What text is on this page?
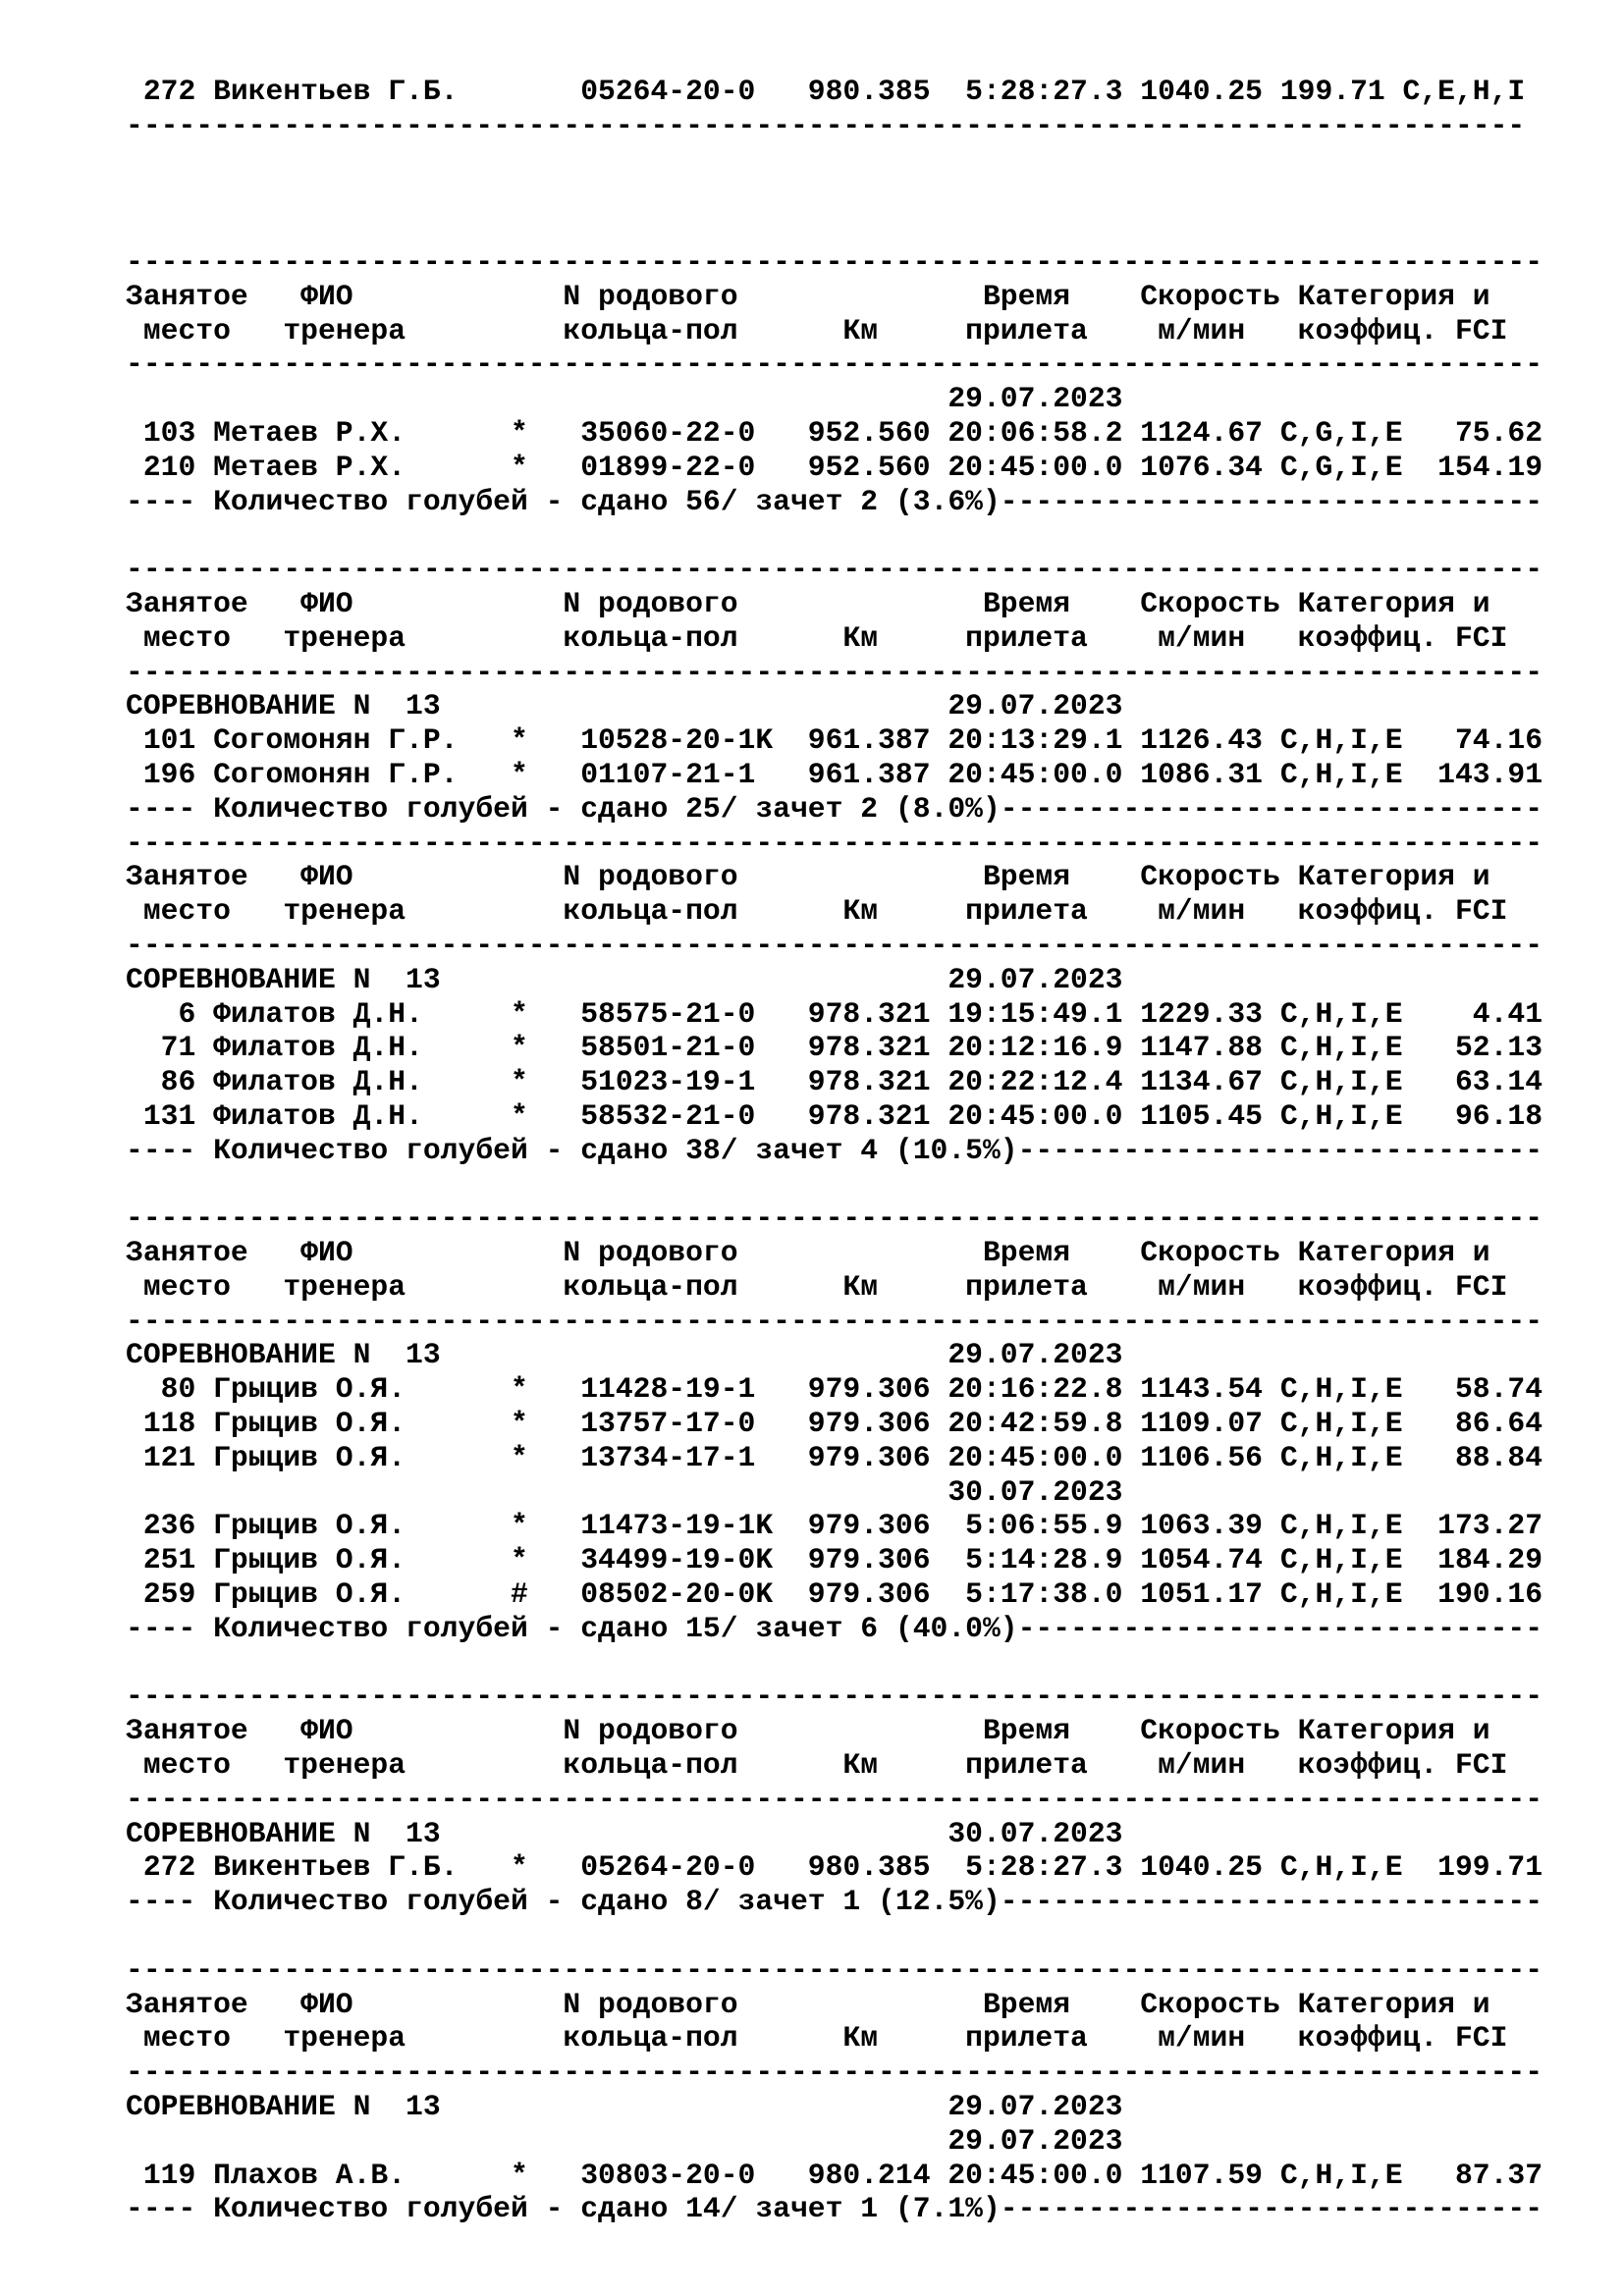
272 Викентьев Г.Б.       05264-20-0   980.385  5:28:27.3 1040.25 199.71 C,E,H,I
--------------------------------------------------------------------------------
---------------------------------------------------------------------------------
Занятое   ФИО            N родового              Время    Скорость Категория и
место   тренера         кольца-пол      Км     прилета    м/мин   коэффиц. FCI
---------------------------------------------------------------------------------
29.07.2023
103 Метаев Р.Х.      *   35060-22-0   952.560 20:06:58.2 1124.67 C,G,I,E   75.62
210 Метаев Р.Х.      *   01899-22-0   952.560 20:45:00.0 1076.34 C,G,I,E  154.19
---- Количество голубей - сдано 56/ зачет 2 (3.6%)-------------------------------
---------------------------------------------------------------------------------
Занятое   ФИО            N родового              Время    Скорость Категория и
место   тренера         кольца-пол      Км     прилета    м/мин   коэффиц. FCI
---------------------------------------------------------------------------------
СОРЕВНОВАНИЕ N  13                             29.07.2023
101 Согомонян Г.Р.   *   10528-20-1K  961.387 20:13:29.1 1126.43 C,H,I,E   74.16
196 Согомонян Г.Р.   *   01107-21-1   961.387 20:45:00.0 1086.31 C,H,I,E  143.91
---- Количество голубей - сдано 25/ зачет 2 (8.0%)-------------------------------
---------------------------------------------------------------------------------
Занятое   ФИО            N родового              Время    Скорость Категория и
место   тренера         кольца-пол      Км     прилета    м/мин   коэффиц. FCI
---------------------------------------------------------------------------------
СОРЕВНОВАНИЕ N  13                             29.07.2023
6 Филатов Д.Н.     *   58575-21-0   978.321 19:15:49.1 1229.33 C,H,I,E    4.41
71 Филатов Д.Н.     *   58501-21-0   978.321 20:12:16.9 1147.88 C,H,I,E   52.13
86 Филатов Д.Н.     *   51023-19-1   978.321 20:22:12.4 1134.67 C,H,I,E   63.14
131 Филатов Д.Н.     *   58532-21-0   978.321 20:45:00.0 1105.45 C,H,I,E   96.18
---- Количество голубей - сдано 38/ зачет 4 (10.5%)------------------------------
---------------------------------------------------------------------------------
Занятое   ФИО            N родового              Время    Скорость Категория и
место   тренера         кольца-пол      Км     прилета    м/мин   коэффиц. FCI
---------------------------------------------------------------------------------
СОРЕВНОВАНИЕ N  13                             29.07.2023
80 Грыцив О.Я.      *   11428-19-1   979.306 20:16:22.8 1143.54 C,H,I,E   58.74
118 Грыцив О.Я.      *   13757-17-0   979.306 20:42:59.8 1109.07 C,H,I,E   86.64
121 Грыцив О.Я.      *   13734-17-1   979.306 20:45:00.0 1106.56 C,H,I,E   88.84
30.07.2023
236 Грыцив О.Я.      *   11473-19-1K  979.306  5:06:55.9 1063.39 C,H,I,E  173.27
251 Грыцив О.Я.      *   34499-19-0K  979.306  5:14:28.9 1054.74 C,H,I,E  184.29
259 Грыцив О.Я.      #   08502-20-0K  979.306  5:17:38.0 1051.17 C,H,I,E  190.16
---- Количество голубей - сдано 15/ зачет 6 (40.0%)------------------------------
---------------------------------------------------------------------------------
Занятое   ФИО            N родового              Время    Скорость Категория и
место   тренера         кольца-пол      Км     прилета    м/мин   коэффиц. FCI
---------------------------------------------------------------------------------
СОРЕВНОВАНИЕ N  13                             30.07.2023
272 Викентьев Г.Б.   *   05264-20-0   980.385  5:28:27.3 1040.25 C,H,I,E  199.71
---- Количество голубей - сдано 8/ зачет 1 (12.5%)-------------------------------
---------------------------------------------------------------------------------
Занятое   ФИО            N родового              Время    Скорость Категория и
место   тренера         кольца-пол      Км     прилета    м/мин   коэффиц. FCI
---------------------------------------------------------------------------------
СОРЕВНОВАНИЕ N  13                             29.07.2023
29.07.2023
119 Плахов А.В.      *   30803-20-0   980.214 20:45:00.0 1107.59 C,H,I,E   87.37
---- Количество голубей - сдано 14/ зачет 1 (7.1%)-------------------------------
